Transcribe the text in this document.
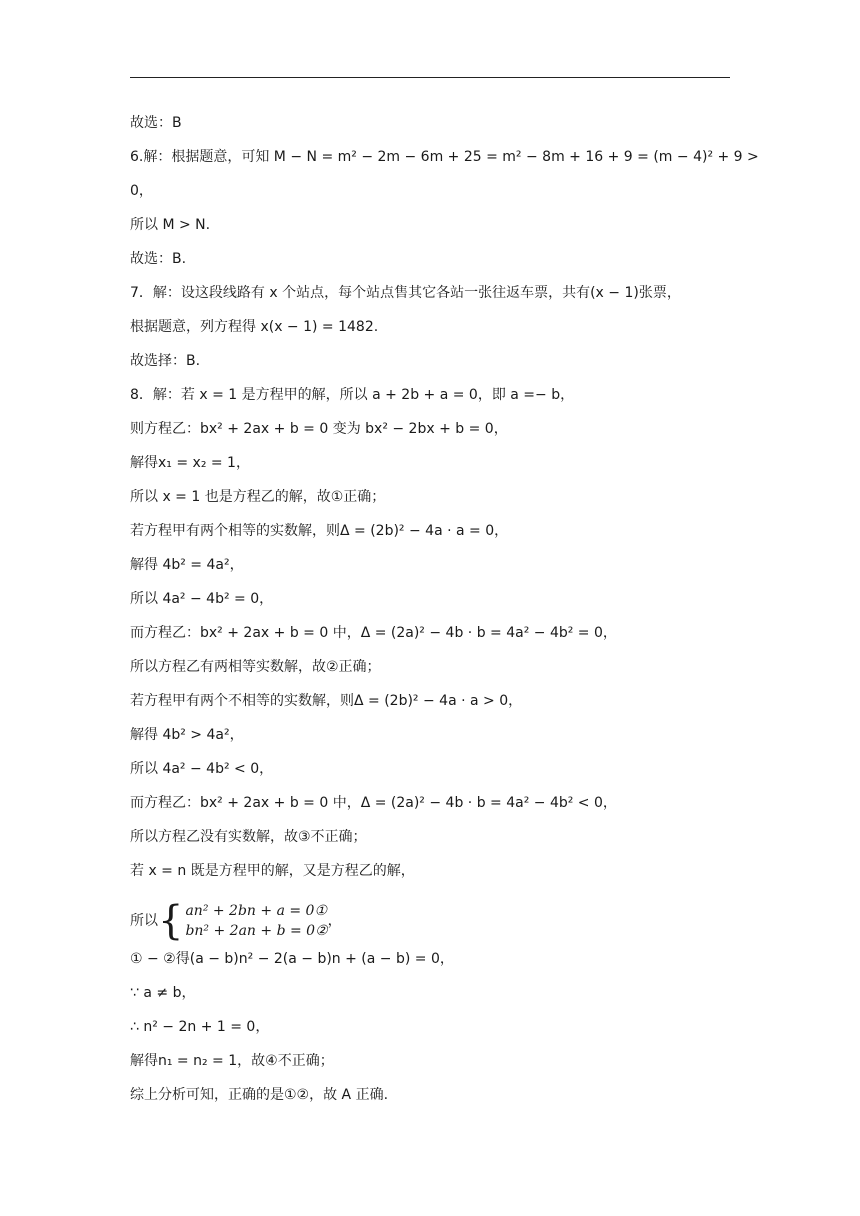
故选：B
6.解：根据题意，可知 M − N = m² − 2m − 6m + 25 = m² − 8m + 16 + 9 = (m − 4)² + 9 >
0，
所以 M > N.
故选：B.
7．解：设这段线路有 x 个站点，每个站点售其它各站一张往返车票，共有(x − 1)张票，
根据题意，列方程得 x(x − 1) = 1482.
故选择：B.
8．解：若 x = 1 是方程甲的解，所以 a + 2b + a = 0，即 a =− b，
则方程乙：bx² + 2ax + b = 0 变为 bx² − 2bx + b = 0，
解得x₁ = x₂ = 1，
所以 x = 1 也是方程乙的解，故①正确；
若方程甲有两个相等的实数解，则Δ = (2b)² − 4a · a = 0，
解得 4b² = 4a²，
所以 4a² − 4b² = 0，
而方程乙：bx² + 2ax + b = 0 中，Δ = (2a)² − 4b · b = 4a² − 4b² = 0，
所以方程乙有两相等实数解，故②正确；
若方程甲有两个不相等的实数解，则Δ = (2b)² − 4a · a > 0，
解得 4b² > 4a²，
所以 4a² − 4b² < 0，
而方程乙：bx² + 2ax + b = 0 中，Δ = (2a)² − 4b · b = 4a² − 4b² < 0，
所以方程乙没有实数解，故③不正确；
若 x = n 既是方程甲的解，又是方程乙的解，
所以 { an² + 2bn + a = 0①
bn² + 2an + b = 0②
，
① − ②得(a − b)n² − 2(a − b)n + (a − b) = 0，
∵ a ≠ b，
∴ n² − 2n + 1 = 0，
解得n₁ = n₂ = 1，故④不正确；
综上分析可知，正确的是①②，故 A 正确.
